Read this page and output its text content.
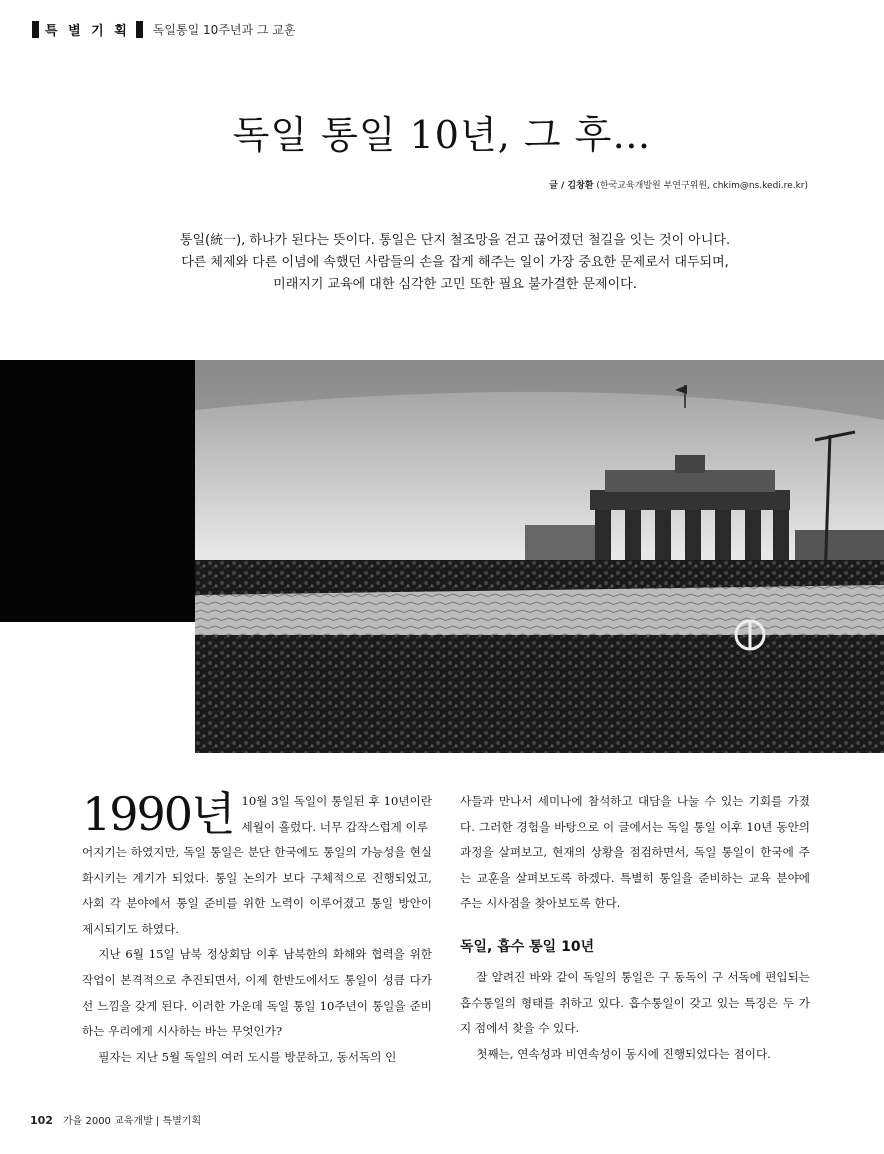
특 별 기 획 독일통일 10주년과 그 교훈
독일 통일 10년, 그 후…
글 / 김창환 (한국교육개발원 부연구위원, chkim@ns.kedi.re.kr)
통일(統一), 하나가 된다는 뜻이다. 통일은 단지 철조망을 걷고 끊어졌던 철길을 잇는 것이 아니다.
다른 체제와 다른 이념에 속했던 사람들의 손을 잡게 해주는 일이 가장 중요한 문제로서 대두되며,
미래지기 교육에 대한 심각한 고민 또한 필요 불가결한 문제이다.
1990년 10월 3일 독일이 통일된 후 10년이란 세월이 흘렀다. 너무 갑작스럽게 이루

어지기는 하였지만, 독일 통일은 분단 한국에도 통일의 가능성을 현실화시키는 계기가 되었다. 통일 논의가 보다 구체적으로 진행되었고, 사회 각 분야에서 통일 준비를 위한 노력이 이루어졌고 통일 방안이 제시되기도 하였다.

지난 6월 15일 남북 정상회담 이후 남북한의 화해와 협력을 위한 작업이 본격적으로 추진되면서, 이제 한반도에서도 통일이 성큼 다가선 느낌을 갖게 된다. 이러한 가운데 독일 통일 10주년이 통일을 준비하는 우리에게 시사하는 바는 무엇인가?

필자는 지난 5월 독일의 여러 도시를 방문하고, 동서독의 인

사들과 만나서 세미나에 참석하고 대담을 나눌 수 있는 기회를 가졌다. 그러한 경험을 바탕으로 이 글에서는 독일 통일 이후 10년 동안의 과정을 살펴보고, 현재의 상황을 점검하면서, 독일 통일이 한국에 주는 교훈을 살펴보도록 하겠다. 특별히 통일을 준비하는 교육 분야에 주는 시사점을 찾아보도록 한다.

독일, 흡수 통일 10년

잘 알려진 바와 같이 독일의 통일은 구 동독이 구 서독에 편입되는 흡수통일의 형태를 취하고 있다. 흡수통일이 갖고 있는 특징은 두 가지 점에서 찾을 수 있다.

첫째는, 연속성과 비연속성이 동시에 진행되었다는 점이다.

102 가을 2000 교육개발 | 특별기획
